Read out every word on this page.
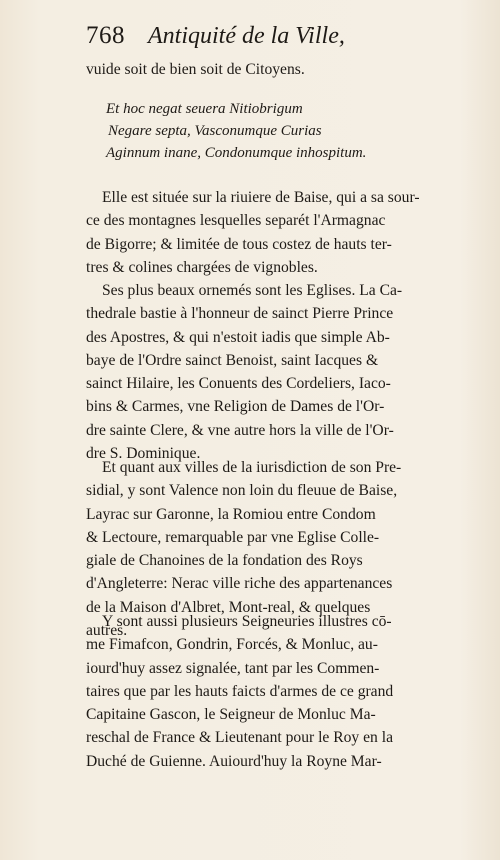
768 Antiquité de la Ville,
vuide soit de bien soit de Citoyens.

Et hoc negat seuera Nitiobrigum

Negare septa, Vasconumque Curias

Aginnum inane, Condonumque inhospitum.

Elle est située sur la riuiere de Baise, qui a sa sour-
ce des montagnes lesquelles separét l'Armagnac
de Bigorre; & limitée de tous costez de hauts ter-
tres & colines chargées de vignobles.
Ses plus beaux ornemés sont les Eglises. La Ca-
thedrale bastie à l'honneur de sainct Pierre Prince
des Apostres, & qui n'estoit iadis que simple Ab-
baye de l'Ordre sainct Benoist, saint Iacques &
sainct Hilaire, les Conuents des Cordeliers, Iaco-
bins & Carmes, vne Religion de Dames de l'Or-
dre sainte Clere, & vne autre hors la ville de l'Or-
dre S. Dominique.
Et quant aux villes de la iurisdiction de son Pre-
sidial, y sont Valence non loin du fleuue de Baise,
Layrac sur Garonne, la Romiou entre Condom
& Lectoure, remarquable par vne Eglise Colle-
giale de Chanoines de la fondation des Roys
d'Angleterre: Nerac ville riche des appartenances
de la Maison d'Albret, Mont-real, & quelques
autres.
Y sont aussi plusieurs Seigneuries illustres cō-
me Fimafcon, Gondrin, Forcés, & Monluc, au-
iourd'huy assez signalée, tant par les Commen-
taires que par les hauts faicts d'armes de ce grand
Capitaine Gascon, le Seigneur de Monluc Ma-
reschal de France & Lieutenant pour le Roy en la
Duché de Guienne. Auiourd'huy la Royne Mar-
